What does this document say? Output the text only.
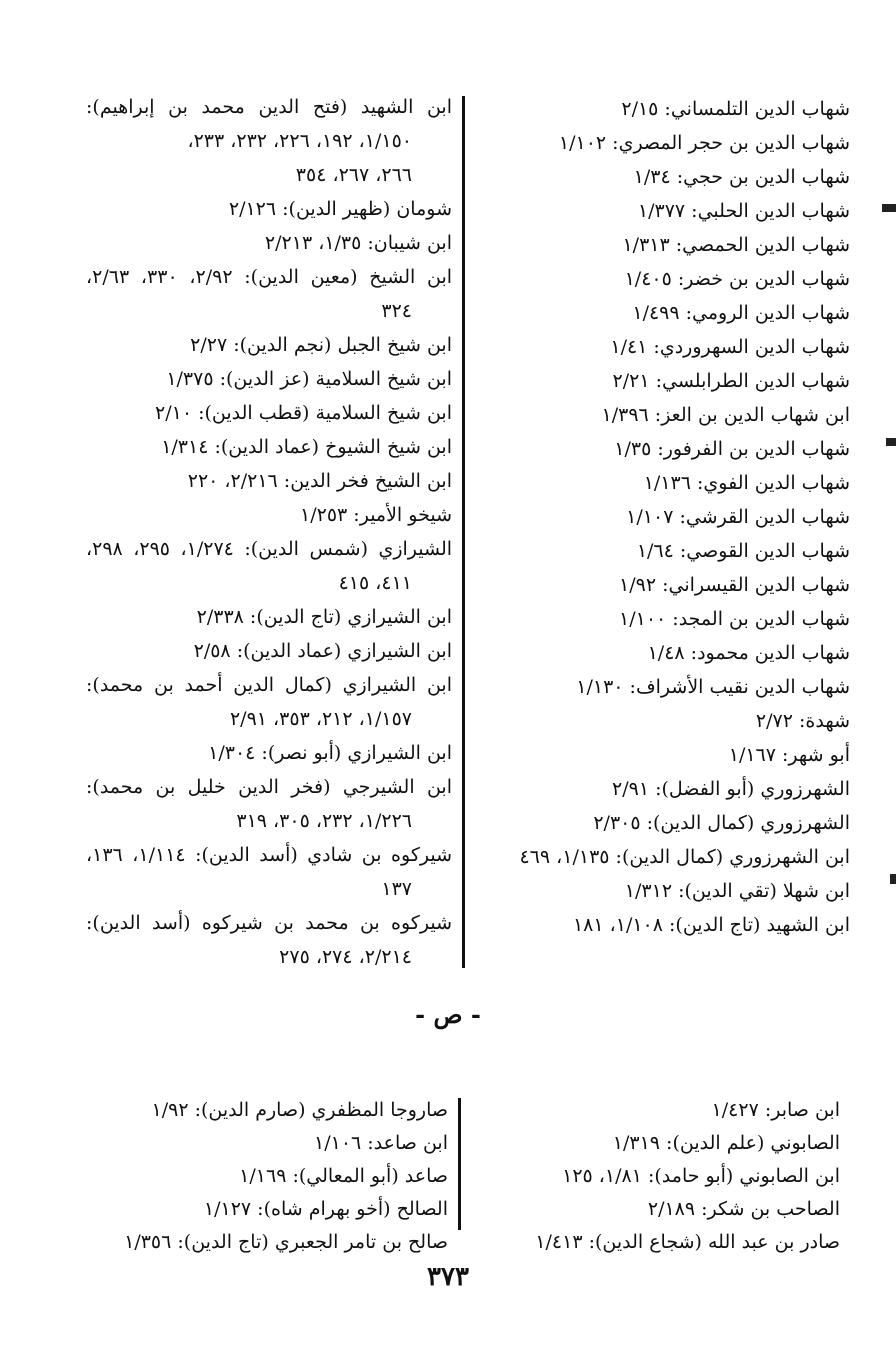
شهاب الدين التلمساني: ٢/١٥
شهاب الدين بن حجر المصري: ١/١٠٢
شهاب الدين بن حجي: ١/٣٤
شهاب الدين الحلبي: ١/٣٧٧
شهاب الدين الحمصي: ١/٣١٣
شهاب الدين بن خضر: ١/٤٠٥
شهاب الدين الرومي: ١/٤٩٩
شهاب الدين السهروردي: ١/٤١
شهاب الدين الطرابلسي: ٢/٢١
ابن شهاب الدين بن العز: ١/٣٩٦
شهاب الدين بن الفرفور: ١/٣٥
شهاب الدين الفوي: ١/١٣٦
شهاب الدين القرشي: ١/١٠٧
شهاب الدين القوصي: ١/٦٤
شهاب الدين القيسراني: ١/٩٢
شهاب الدين بن المجد: ١/١٠٠
شهاب الدين محمود: ١/٤٨
شهاب الدين نقيب الأشراف: ١/١٣٠
شهدة: ٢/٧٢
أبو شهر: ١/١٦٧
الشهرزوري (أبو الفضل): ٢/٩١
الشهرزوري (كمال الدين): ٢/٣٠٥
ابن الشهرزوري (كمال الدين): ١/١٣٥، ٤٦٩
ابن شهلا (تقي الدين): ١/٣١٢
ابن الشهيد (تاج الدين): ١/١٠٨، ١٨١
ابن الشهيد (فتح الدين محمد بن إبراهيم):
١/١٥٠، ١٩٢، ٢٢٦، ٢٣٢، ٢٣٣،
٢٦٦، ٢٦٧، ٣٥٤
شومان (ظهير الدين): ٢/١٢٦
ابن شيبان: ١/٣٥، ٢/٢١٣
ابن الشيخ (معين الدين): ٢/٩٢، ٣٣٠، ٢/٦٣،
٣٢٤
ابن شيخ الجبل (نجم الدين): ٢/٢٧
ابن شيخ السلامية (عز الدين): ١/٣٧٥
ابن شيخ السلامية (قطب الدين): ٢/١٠
ابن شيخ الشيوخ (عماد الدين): ١/٣١٤
ابن الشيخ فخر الدين: ٢/٢١٦، ٢٢٠
شيخو الأمير: ١/٢٥٣
الشيرازي (شمس الدين): ١/٢٧٤، ٢٩٥، ٢٩٨،
٤١١، ٤١٥
ابن الشيرازي (تاج الدين): ٢/٣٣٨
ابن الشيرازي (عماد الدين): ٢/٥٨
ابن الشيرازي (كمال الدين أحمد بن محمد):
١/١٥٧، ٢١٢، ٣٥٣، ٢/٩١
ابن الشيرازي (أبو نصر): ١/٣٠٤
ابن الشيرجي (فخر الدين خليل بن محمد):
١/٢٢٦، ٢٣٢، ٣٠٥، ٣١٩
شيركوه بن شادي (أسد الدين): ١/١١٤، ١٣٦،
١٣٧
شيركوه بن محمد بن شيركوه (أسد الدين):
٢/٢١٤، ٢٧٤، ٢٧٥
- ص -
ابن صابر: ١/٤٢٧
الصابوني (علم الدين): ١/٣١٩
ابن الصابوني (أبو حامد): ١/٨١، ١٢٥
الصاحب بن شكر: ٢/١٨٩
صادر بن عبد الله (شجاع الدين): ١/٤١٣
صاروجا المظفري (صارم الدين): ١/٩٢
ابن صاعد: ١/١٠٦
صاعد (أبو المعالي): ١/١٦٩
الصالح (أخو بهرام شاه): ١/١٢٧
صالح بن تامر الجعبري (تاج الدين): ١/٣٥٦
٣٧٣
